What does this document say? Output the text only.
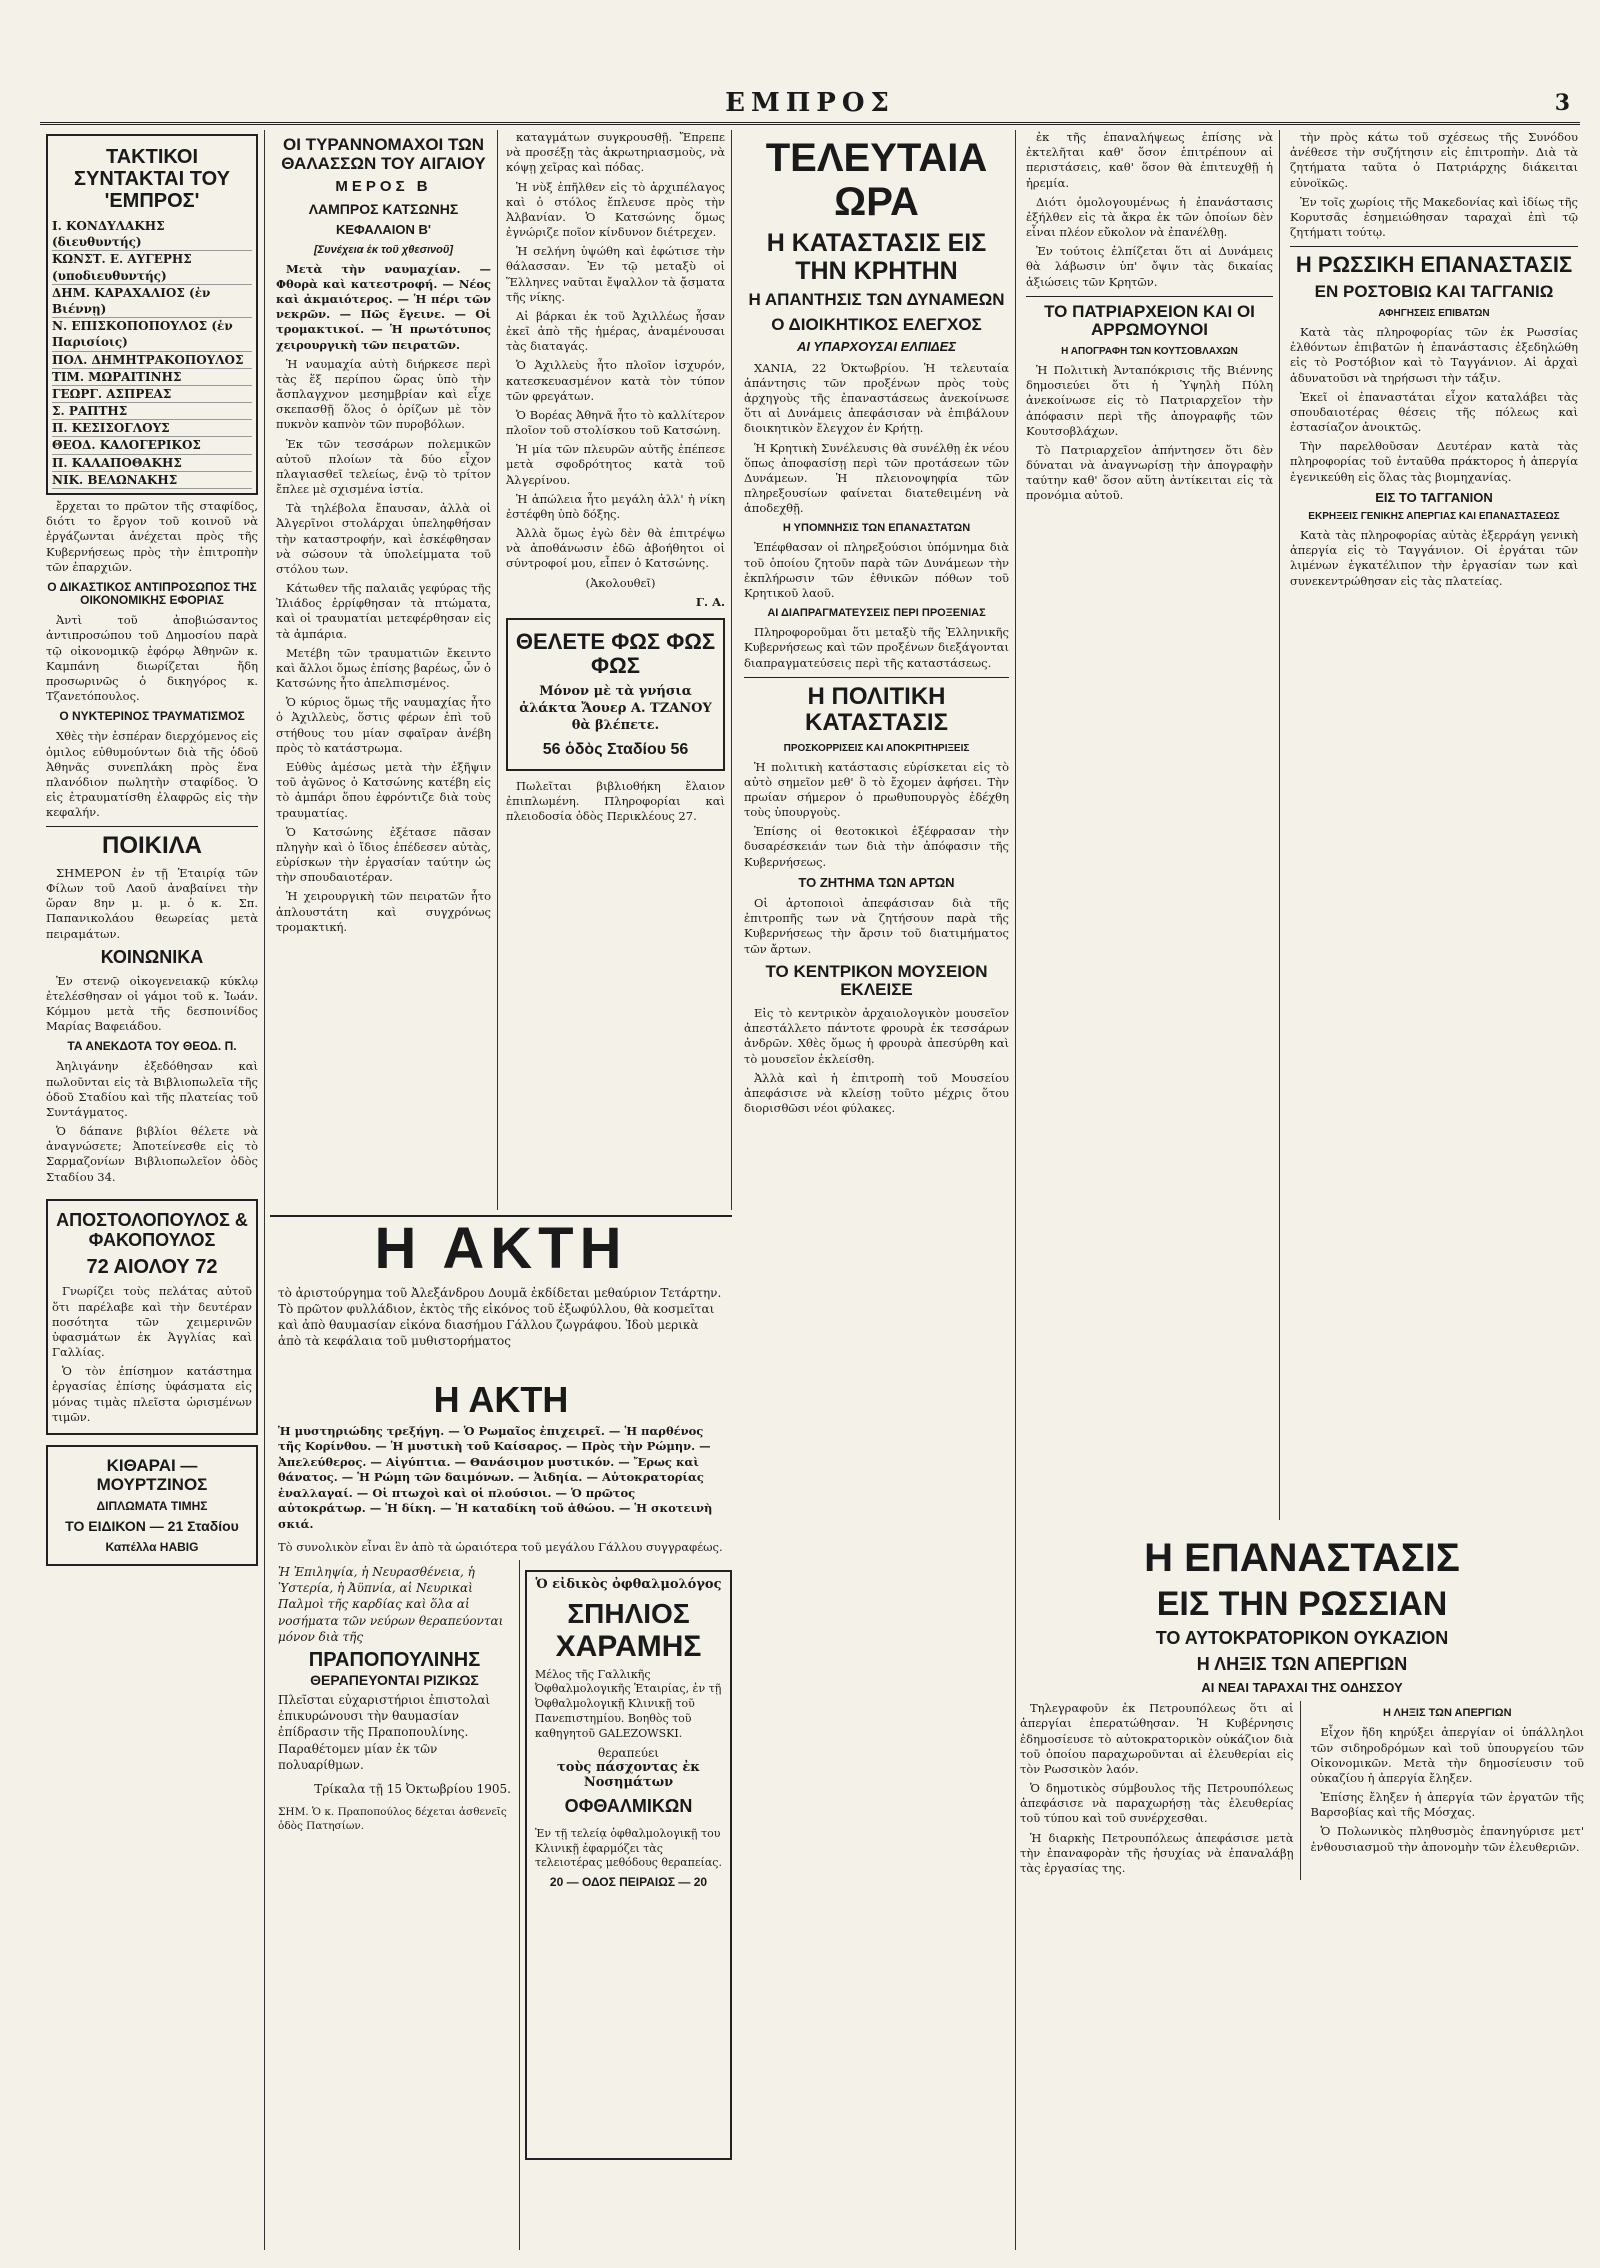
ΕΜΠΡΟΣ	3
ΤΑΚΤΙΚΟΙ ΣΥΝΤΑΚΤΑΙ ΤΟΥ 'ΕΜΠΡΟΣ'
Ι. ΚΟΝΔΥΛΑΚΗΣ (διευθυντής)
ΚΩΝΣΤ. Ε. ΑΥΓΕΡΗΣ (υποδιευθυντής)
ΔΗΜ. ΚΑΡΑΧΑΛΙΟΣ (ἐν Βιέννῃ)
Ν. ΕΠΙΣΚΟΠΟΠΟΥΛΟΣ (ἐν Παρισίοις)
ΠΟΛ. ΔΗΜΗΤΡΑΚΟΠΟΥΛΟΣ
ΤΙΜ. ΜΩΡΑΙΤΙΝΗΣ
ΓΕΩΡΓ. ΑΣΠΡΕΑΣ
Σ. ΡΑΠΤΗΣ
Π. ΚΕΣΙΣΟΓΛΟΥΣ
ΘΕΟΔ. ΚΑΛΟΓΕΡΙΚΟΣ
Π. ΚΑΛΑΠΟΘΑΚΗΣ
ΝΙΚ. ΒΕΛΩΝΑΚΗΣ

ἔρχεται το πρῶτον τῆς σταφίδος, διότι το ἔργον τοῦ κοινοῦ νὰ ἐργάζωνται ἀνέχεται πρὸς τῆς Κυβερνήσεως πρὸς τὴν ἐπιτροπὴν τῶν ἐπαρχιῶν.

Ο ΔΙΚΑΣΤΙΚΟΣ ΑΝΤΙΠΡΟΣΩΠΟΣ ΤΗΣ ΟΙΚΟΝΟΜΙΚΗΣ ΕΦΟΡΙΑΣ

Ἀντὶ τοῦ ἀποβιώσαντος ἀντιπροσώπου τοῦ Δημοσίου παρὰ τῷ οἰκονομικῷ ἐφόρῳ Ἀθηνῶν κ. Καμπάνη διωρίζεται ἤδη προσωρινῶς ὁ δικηγόρος κ. Τζανετόπουλος.

Ο ΝΥΚΤΕΡΙΝΟΣ ΤΡΑΥΜΑΤΙΣΜΟΣ

Χθὲς τὴν ἑσπέραν διερχόμενος εἰς ὁμιλος εὐθυμούντων διὰ τῆς ὁδοῦ Ἀθηνᾶς συνεπλάκη πρὸς ἕνα πλανόδιον πωλητὴν σταφίδος. Ὁ εἰς ἐτραυματίσθη ἐλαφρῶς εἰς τὴν κεφαλήν.

ΠΟΙΚΙΛΑ

ΣΗΜΕΡΟΝ ἐν τῇ Ἑταιρίᾳ τῶν Φίλων τοῦ Λαοῦ ἀναβαίνει τὴν ὥραν 8ην μ. μ. ὁ κ. Σπ. Παπανικολάου θεωρείας μετὰ πειραμάτων.

ΚΟΙΝΩΝΙΚΑ

Ἐν στενῷ οἰκογενειακῷ κύκλῳ ἐτελέσθησαν οἱ γάμοι τοῦ κ. Ἰωάν. Κόμμου μετὰ τῆς δεσποινίδος Μαρίας Βαφειάδου.

ΤΑ ΑΝΕΚΔΟΤΑ ΤΟΥ ΘΕΟΔ. Π.

Ἀηλιγάνην ἐξεδόθησαν καὶ πωλοῦνται εἰς τὰ Βιβλιοπωλεῖα τῆς ὁδοῦ Σταδίου καὶ τῆς πλατείας τοῦ Συντάγματος.

Ὁ δάπανε βιβλίοι θέλετε νὰ ἀναγνώσετε; Ἀποτείνεσθε εἰς τὸ Σαρμαζονίων Βιβλιοπωλεῖον ὁδὸς Σταδίου 34.

ΑΠΟΣΤΟΛΟΠΟΥΛΟΣ & ΦΑΚΟΠΟΥΛΟΣ
72 ΑΙΟΛΟΥ 72

Γνωρίζει τοὺς πελάτας αὐτοῦ ὅτι παρέλαβε καὶ τὴν δευτέραν ποσότητα τῶν χειμερινῶν ὑφασμάτων ἐκ Ἀγγλίας καὶ Γαλλίας.

Ὁ τὸν ἐπίσημον κατάστημα ἐργασίας ἐπίσης ὑφάσματα εἰς μόνας τιμὰς πλεῖστα ὡρισμένων τιμῶν.

ΚΙΘΑΡΑΙ — ΜΟΥΡΤΖΙΝΟΣ
ΔΙΠΛΩΜΑΤΑ ΤΙΜΗΣ
ΤΟ ΕΙΔΙΚΟΝ — 21 Σταδίου
Καπέλλα HABIG
ΟΙ ΤΥΡΑΝΝΟΜΑΧΟΙ ΤΩΝ ΘΑΛΑΣΣΩΝ ΤΟΥ ΑΙΓΑΙΟΥ
ΜΕΡΟΣ Β
ΛΑΜΠΡΟΣ ΚΑΤΣΩΝΗΣ
ΚΕΦΑΛΑΙΟΝ Β'
[Συνέχεια ἐκ τοῦ χθεσινοῦ]

Μετὰ τὴν ναυμαχίαν. — Φθορὰ καὶ κατεστροφή. — Νέος καὶ ἀκμαιότερος. — Ἡ πέρι τῶν νεκρῶν. — Πῶς ἔγεινε. — Οἱ τρομακτικοί. — Ἡ πρωτότυπος χειρουργικὴ τῶν πειρατῶν.

Ἡ ναυμαχία αὐτὴ διήρκεσε περὶ τὰς ἕξ περίπου ὥρας ὑπὸ τὴν ἄσπλαγχνον μεσημβρίαν καὶ εἶχε σκεπασθῇ ὅλος ὁ ὁρίζων μὲ τὸν πυκνὸν καπνὸν τῶν πυροβόλων.

Ἐκ τῶν τεσσάρων πολεμικῶν αὐτοῦ πλοίων τὰ δύο εἶχον πλαγιασθεῖ τελείως, ἐνῷ τὸ τρίτον ἔπλεε μὲ σχισμένα ἱστία.

Τὰ τηλέβολα ἔπαυσαν, ἀλλὰ οἱ Ἀλγερῖνοι στολάρχαι ὑπεληφθήσαν τὴν καταστροφήν, καὶ ἐσκέφθησαν νὰ σώσουν τὰ ὑπολείμματα τοῦ στόλου των.

Κάτωθεν τῆς παλαιᾶς γεφύρας τῆς Ἰλιάδος ἐρρίφθησαν τὰ πτώματα, καὶ οἱ τραυματίαι μετεφέρθησαν εἰς τὰ ἀμπάρια.

Μετέβη τῶν τραυματιῶν ἔκειντο καὶ ἄλλοι ὅμως ἐπίσης βαρέως, ὧν ὁ Κατσώνης ἦτο ἀπελπισμένος.

Ὁ κύριος ὅμως τῆς ναυμαχίας ἦτο ὁ Ἀχιλλεὺς, ὅστις φέρων ἐπὶ τοῦ στήθους του μίαν σφαῖραν ἀνέβη πρὸς τὸ κατάστρωμα.

Εὐθὺς ἀμέσως μετὰ τὴν ἐξῆψιν τοῦ ἀγῶνος ὁ Κατσώνης κατέβη εἰς τὸ ἀμπάρι ὅπου ἐφρόντιζε διὰ τοὺς τραυματίας.

Ὁ Κατσώνης ἐξέτασε πᾶσαν πληγὴν καὶ ὁ ἴδιος ἐπέδεσεν αὐτὰς, εὑρίσκων τὴν ἐργασίαν ταύτην ὡς τὴν σπουδαιοτέραν.

Ἡ χειρουργικὴ τῶν πειρατῶν ἦτο ἀπλουστάτη καὶ συγχρόνως τρομακτική.

καταγμάτων συγκρουσθῇ. Ἔπρεπε νὰ προσέξῃ τὰς ἀκρωτηριασμοὺς, νὰ κόψῃ χεῖρας καὶ πόδας.

Ἡ νὺξ ἐπῆλθεν εἰς τὸ ἀρχιπέλαγος καὶ ὁ στόλος ἔπλευσε πρὸς τὴν Ἀλβανίαν. Ὁ Κατσώνης ὅμως ἐγνώριζε ποῖον κίνδυνον διέτρεχεν.

Ἡ σελήνη ὑψώθη καὶ ἐφώτισε τὴν θάλασσαν. Ἐν τῷ μεταξὺ οἱ Ἕλληνες ναῦται ἔψαλλον τὰ ᾄσματα τῆς νίκης.

Αἱ βάρκαι ἐκ τοῦ Ἀχιλλέως ἦσαν ἐκεῖ ἀπὸ τῆς ἡμέρας, ἀναμένουσαι τὰς διαταγάς.

Ὁ Ἀχιλλεὺς ἦτο πλοῖον ἰσχυρόν, κατεσκευασμένον κατὰ τὸν τύπον τῶν φρεγάτων.

Ὁ Βορέας Ἀθηνᾶ ἦτο τὸ καλλίτερον πλοῖον τοῦ στολίσκου τοῦ Κατσώνη.

Ἡ μία τῶν πλευρῶν αὐτῆς ἐπέπεσε μετὰ σφοδρότητος κατὰ τοῦ Ἀλγερίνου.

Ἡ ἀπώλεια ἦτο μεγάλη ἀλλ' ἡ νίκη ἐστέφθη ὑπὸ δόξης.

Ἀλλὰ ὅμως ἐγὼ δὲν θὰ ἐπιτρέψω νὰ ἀποθάνωσιν ἐδῶ ἀβοήθητοι οἱ σύντροφοί μου, εἶπεν ὁ Κατσώνης.

(Ἀκολουθεῖ)

Γ. Α.

ΘΕΛΕΤΕ ΦΩΣ ΦΩΣ ΦΩΣ
Μόνον μὲ τὰ γνήσια ἀλάκτα Ἄουερ Α. ΤΖΑΝΟΥ θὰ βλέπετε.
56 ὁδὸς Σταδίου 56

Πωλεῖται βιβλιοθήκη ἔλαιον ἐπιπλωμένη. Πληροφορίαι καὶ πλειοδοσία ὁδὸς Περικλέους 27.

Η ΑΚΤΗ
τὸ ἀριστούργημα τοῦ Ἀλεξάνδρου Δουμᾶ ἐκδίδεται μεθαύριον Τετάρτην. Τὸ πρῶτον φυλλάδιον, ἐκτὸς τῆς εἰκόνος τοῦ ἐξωφύλλου, θὰ κοσμεῖται καὶ ἀπὸ θαυμασίαν εἰκόνα διασήμου Γάλλου ζωγράφου. Ἰδοὺ μερικὰ ἀπὸ τὰ κεφάλαια τοῦ μυθιστορήματος
Η ΑΚΤΗ
Ἡ μυστηριώδης τρεξήγη. — Ὁ Ρωμαῖος ἐπιχειρεῖ. — Ἡ παρθένος τῆς Κορίνθου. — Ἡ μυστικὴ τοῦ Καίσαρος. — Πρὸς τὴν Ρώμην. — Ἀπελεύθερος. — Αἰγύπτια. — Θανάσιμον μυστικόν. — Ἔρως καὶ θάνατος. — Ἡ Ρώμη τῶν δαιμόνων. — Ἀιδηία. — Αὐτοκρατορίας ἐναλλαγαί. — Οἱ πτωχοὶ καὶ οἱ πλούσιοι. — Ὁ πρῶτος αὐτοκράτωρ. — Ἡ δίκη. — Ἡ καταδίκη τοῦ ἀθώου. — Ἡ σκοτεινὴ σκιά.
Τὸ συνολικὸν εἶναι ἓν ἀπὸ τὰ ὡραιότερα τοῦ μεγάλου Γάλλου συγγραφέως.
Ἡ Ἐπιληψία, ἡ Νευρασθένεια, ἡ Ὑστερία, ἡ Ἀϋπνία, αἱ Νευρικαὶ Παλμοὶ τῆς καρδίας καὶ ὅλα αἱ νοσήματα τῶν νεύρων θεραπεύονται μόνον διὰ τῆς
ΠΡΑΠΟΠΟΥΛΙΝΗΣ
ΘΕΡΑΠΕΥΟΝΤΑΙ ΡΙΖΙΚΩΣ
Πλεῖσται εὐχαριστήριοι ἐπιστολαὶ ἐπικυρώνουσι τὴν θαυμασίαν ἐπίδρασιν τῆς Πραποπουλίνης. Παραθέτομεν μίαν ἐκ τῶν πολυαρίθμων.
Τρίκαλα τῇ 15 Ὀκτωβρίου 1905.
ΣΗΜ. Ὁ κ. Πραποπούλος δέχεται ἀσθενεῖς ὁδὸς Πατησίων.
Ὁ εἰδικὸς ὀφθαλμολόγος
ΣΠΗΛΙΟΣ
ΧΑΡΑΜΗΣ
Μέλος τῆς Γαλλικῆς Ὀφθαλμολογικῆς Ἑταιρίας, ἐν τῇ Ὀφθαλμολογικῇ Κλινικῇ τοῦ Πανεπιστημίου. Βοηθὸς τοῦ καθηγητοῦ GALEZOWSKI.
θεραπεύει
τοὺς πάσχοντας ἐκ Νοσημάτων
ΟΦΘΑΛΜΙΚΩΝ
Ἐν τῇ τελείᾳ ὀφθαλμολογικῇ του Κλινικῇ ἐφαρμόζει τὰς τελειοτέρας μεθόδους θεραπείας.
20 — ΟΔΟΣ ΠΕΙΡΑΙΩΣ — 20
ΤΕΛΕΥΤΑΙΑ ΩΡΑ
Η ΚΑΤΑΣΤΑΣΙΣ ΕΙΣ ΤΗΝ ΚΡΗΤΗΝ
Η ΑΠΑΝΤΗΣΙΣ ΤΩΝ ΔΥΝΑΜΕΩΝ
Ο ΔΙΟΙΚΗΤΙΚΟΣ ΕΛΕΓΧΟΣ
ΑΙ ΥΠΑΡΧΟΥΣΑΙ ΕΛΠΙΔΕΣ

ΧΑΝΙΑ, 22 Ὀκτωβρίου. Ἡ τελευταία ἀπάντησις τῶν προξένων πρὸς τοὺς ἀρχηγοὺς τῆς ἐπαναστάσεως ἀνεκοίνωσε ὅτι αἱ Δυνάμεις ἀπεφάσισαν νὰ ἐπιβάλουν διοικητικὸν ἔλεγχον ἐν Κρήτῃ.

Ἡ Κρητικὴ Συνέλευσις θὰ συνέλθῃ ἐκ νέου ὅπως ἀποφασίσῃ περὶ τῶν προτάσεων τῶν Δυνάμεων. Ἡ πλειονοψηφία τῶν πληρεξουσίων φαίνεται διατεθειμένη νὰ ἀποδεχθῇ.

Η ΥΠΟΜΝΗΣΙΣ ΤΩΝ ΕΠΑΝΑΣΤΑΤΩΝ

Ἐπέφθασαν οἱ πληρεξούσιοι ὑπόμνημα διὰ τοῦ ὁποίου ζητοῦν παρὰ τῶν Δυνάμεων τὴν ἐκπλήρωσιν τῶν ἐθνικῶν πόθων τοῦ Κρητικοῦ λαοῦ.

ΑΙ ΔΙΑΠΡΑΓΜΑΤΕΥΣΕΙΣ ΠΕΡΙ ΠΡΟΞΕΝΙΑΣ

Πληροφοροῦμαι ὅτι μεταξὺ τῆς Ἑλληνικῆς Κυβερνήσεως καὶ τῶν προξένων διεξάγονται διαπραγματεύσεις περὶ τῆς καταστάσεως.

Η ΠΟΛΙΤΙΚΗ ΚΑΤΑΣΤΑΣΙΣ
ΠΡΟΣΚΟΡΡΙΣΕΙΣ ΚΑΙ ΑΠΟΚΡΙΤΗΡΙΞΕΙΣ

Ἡ πολιτικὴ κατάστασις εὑρίσκεται εἰς τὸ αὐτὸ σημεῖον μεθ' ὃ τὸ ἔχομεν ἀφήσει. Τὴν πρωίαν σήμερον ὁ πρωθυπουργὸς ἐδέχθη τοὺς ὑπουργοὺς.

Ἐπίσης οἱ θεοτοκικοὶ ἐξέφρασαν τὴν δυσαρέσκειάν των διὰ τὴν ἀπόφασιν τῆς Κυβερνήσεως.

ΤΟ ΖΗΤΗΜΑ ΤΩΝ ΑΡΤΩΝ

Οἱ ἀρτοποιοὶ ἀπεφάσισαν διὰ τῆς ἐπιτροπῆς των νὰ ζητήσουν παρὰ τῆς Κυβερνήσεως τὴν ἄρσιν τοῦ διατιμήματος τῶν ἄρτων.

ΤΟ ΚΕΝΤΡΙΚΟΝ ΜΟΥΣΕΙΟΝ ΕΚΛΕΙΣΕ

Εἰς τὸ κεντρικὸν ἀρχαιολογικὸν μουσεῖον ἀπεστάλλετο πάντοτε φρουρὰ ἐκ τεσσάρων ἀνδρῶν. Χθὲς ὅμως ἡ φρουρὰ ἀπεσύρθη καὶ τὸ μουσεῖον ἐκλείσθη.

Ἀλλὰ καὶ ἡ ἐπιτροπὴ τοῦ Μουσείου ἀπεφάσισε νὰ κλείσῃ τοῦτο μέχρις ὅτου διορισθῶσι νέοι φύλακες.

ἐκ τῆς ἐπαναλήψεως ἐπίσης νὰ ἐκτελῆται καθ' ὅσον ἐπιτρέπουν αἱ περιστάσεις, καθ' ὅσον θὰ ἐπιτευχθῇ ἡ ἠρεμία.

Διότι ὁμολογουμένως ἡ ἐπανάστασις ἐξήλθεν εἰς τὰ ἄκρα ἐκ τῶν ὁποίων δὲν εἶναι πλέον εὔκολον νὰ ἐπανέλθῃ.

Ἐν τούτοις ἐλπίζεται ὅτι αἱ Δυνάμεις θὰ λάβωσιν ὑπ' ὄψιν τὰς δικαίας ἀξιώσεις τῶν Κρητῶν.

ΤΟ ΠΑΤΡΙΑΡΧΕΙΟΝ ΚΑΙ ΟΙ ΑΡΡΩΜΟΥΝΟΙ
Η ΑΠΟΓΡΑΦΗ ΤΩΝ ΚΟΥΤΣΟΒΛΑΧΩΝ

Ἡ Πολιτικὴ Ἀνταπόκρισις τῆς Βιέννης δημοσιεύει ὅτι ἡ Ὑψηλὴ Πύλη ἀνεκοίνωσε εἰς τὸ Πατριαρχεῖον τὴν ἀπόφασιν περὶ τῆς ἀπογραφῆς τῶν Κουτσοβλάχων.

Τὸ Πατριαρχεῖον ἀπήντησεν ὅτι δὲν δύναται νὰ ἀναγνωρίσῃ τὴν ἀπογραφὴν ταύτην καθ' ὅσον αὕτη ἀντίκειται εἰς τὰ προνόμια αὐτοῦ.

τὴν πρὸς κάτω τοῦ σχέσεως τῆς Συνόδου ἀνέθεσε τὴν συζήτησιν εἰς ἐπιτροπὴν. Διὰ τὰ ζητήματα ταῦτα ὁ Πατριάρχης διάκειται εὐνοϊκῶς.

Ἐν τοῖς χωρίοις τῆς Μακεδονίας καὶ ἰδίως τῆς Κορυτσᾶς ἐσημειώθησαν ταραχαὶ ἐπὶ τῷ ζητήματι τούτῳ.

Η ΡΩΣΣΙΚΗ ΕΠΑΝΑΣΤΑΣΙΣ
ΕΝ ΡΟΣΤΟΒΙΩ ΚΑΙ ΤΑΓΓΑΝΙΩ
ΑΦΗΓΗΣΕΙΣ ΕΠΙΒΑΤΩΝ

Κατὰ τὰς πληροφορίας τῶν ἐκ Ρωσσίας ἐλθόντων ἐπιβατῶν ἡ ἐπανάστασις ἐξεδηλώθη εἰς τὸ Ροστόβιον καὶ τὸ Ταγγάνιον. Αἱ ἀρχαὶ ἀδυνατοῦσι νὰ τηρήσωσι τὴν τάξιν.

Ἐκεῖ οἱ ἐπαναστάται εἶχον καταλάβει τὰς σπουδαιοτέρας θέσεις τῆς πόλεως καὶ ἐστασίαζον ἀνοικτῶς.

Τὴν παρελθοῦσαν Δευτέραν κατὰ τὰς πληροφορίας τοῦ ἐνταῦθα πράκτορος ἡ ἀπεργία ἐγενικεύθη εἰς ὅλας τὰς βιομηχανίας.

ΕΙΣ ΤΟ ΤΑΓΓΑΝΙΟΝ
ΕΚΡΗΞΕΙΣ ΓΕΝΙΚΗΣ ΑΠΕΡΓΙΑΣ ΚΑΙ ΕΠΑΝΑΣΤΑΣΕΩΣ

Κατὰ τὰς πληροφορίας αὐτὰς ἐξερράγη γενικὴ ἀπεργία εἰς τὸ Ταγγάνιον. Οἱ ἐργάται τῶν λιμένων ἐγκατέλιπον τὴν ἐργασίαν των καὶ συνεκεντρώθησαν εἰς τὰς πλατείας.

Η ΕΠΑΝΑΣΤΑΣΙΣ
ΕΙΣ ΤΗΝ ΡΩΣΣΙΑΝ
ΤΟ ΑΥΤΟΚΡΑΤΟΡΙΚΟΝ ΟΥΚΑΖΙΟΝ
Η ΛΗΞΙΣ ΤΩΝ ΑΠΕΡΓΙΩΝ
ΑΙ ΝΕΑΙ ΤΑΡΑΧΑΙ ΤΗΣ ΟΔΗΣΣΟΥ

Τηλεγραφοῦν ἐκ Πετρουπόλεως ὅτι αἱ ἀπεργίαι ἐπερατώθησαν. Ἡ Κυβέρνησις ἐδημοσίευσε τὸ αὐτοκρατορικὸν οὐκάζιον διὰ τοῦ ὁποίου παραχωροῦνται αἱ ἐλευθερίαι εἰς τὸν Ρωσσικὸν λαόν.

Ὁ δημοτικὸς σύμβουλος τῆς Πετρουπόλεως ἀπεφάσισε νὰ παραχωρήσῃ τὰς ἐλευθερίας τοῦ τύπου καὶ τοῦ συνέρχεσθαι.

Ἡ διαρκὴς Πετρουπόλεως ἀπεφάσισε μετὰ τὴν ἐπαναφορὰν τῆς ἡσυχίας νὰ ἐπαναλάβῃ τὰς ἐργασίας της.

Η ΛΗΞΙΣ ΤΩΝ ΑΠΕΡΓΙΩΝ

Εἶχον ἤδη κηρύξει ἀπεργίαν οἱ ὑπάλληλοι τῶν σιδηροδρόμων καὶ τοῦ ὑπουργείου τῶν Οἰκονομικῶν. Μετὰ τὴν δημοσίευσιν τοῦ οὐκαζίου ἡ ἀπεργία ἔληξεν.

Ἐπίσης ἔληξεν ἡ ἀπεργία τῶν ἐργατῶν τῆς Βαρσοβίας καὶ τῆς Μόσχας.

Ὁ Πολωνικὸς πληθυσμὸς ἐπανηγύρισε μετ' ἐνθουσιασμοῦ τὴν ἀπονομὴν τῶν ἐλευθεριῶν.
